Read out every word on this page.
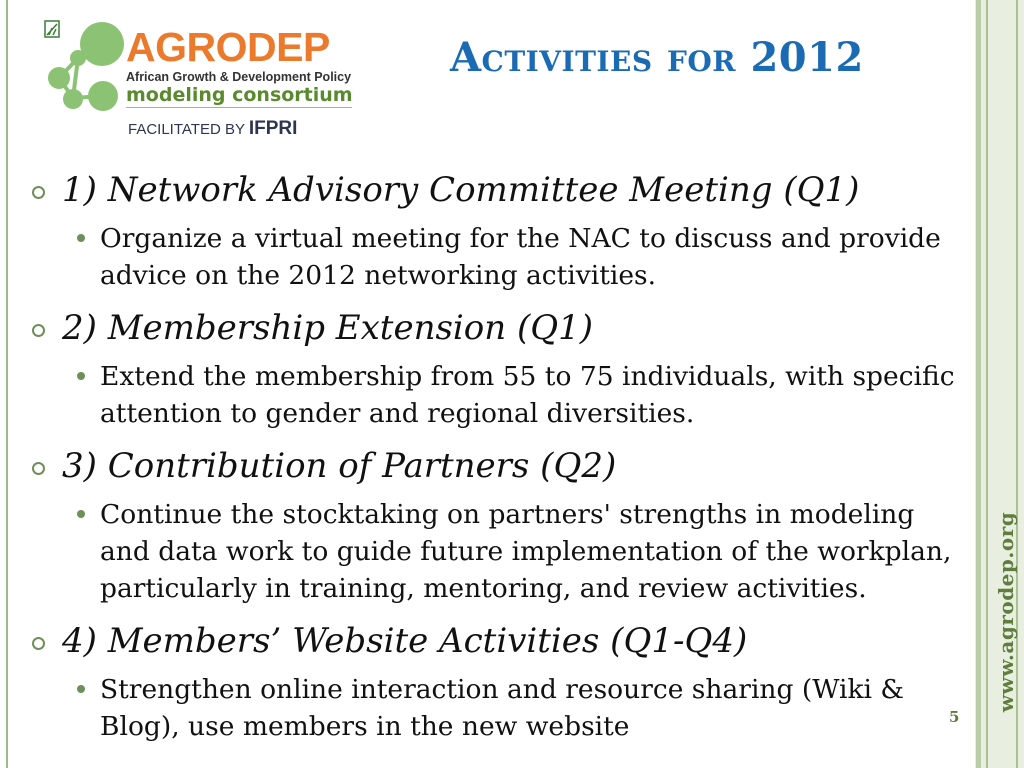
www.agrodep.org
AGRODEP
African Growth & Development Policy
modeling consortium
FACILITATED BY IFPRI
Activities for 2012
1) Network Advisory Committee Meeting (Q1)
Organize a virtual meeting for the NAC to discuss and provide advice on the 2012 networking activities.
2) Membership Extension (Q1)
Extend the membership from 55 to 75 individuals, with specific attention to gender and regional diversities.
3) Contribution of Partners (Q2)
Continue the stocktaking on partners' strengths in modeling and data work to guide future implementation of the workplan, particularly in training, mentoring, and review activities.
4) Members’ Website Activities (Q1-Q4)
Strengthen online interaction and resource sharing (Wiki & Blog), use members in the new website	5
